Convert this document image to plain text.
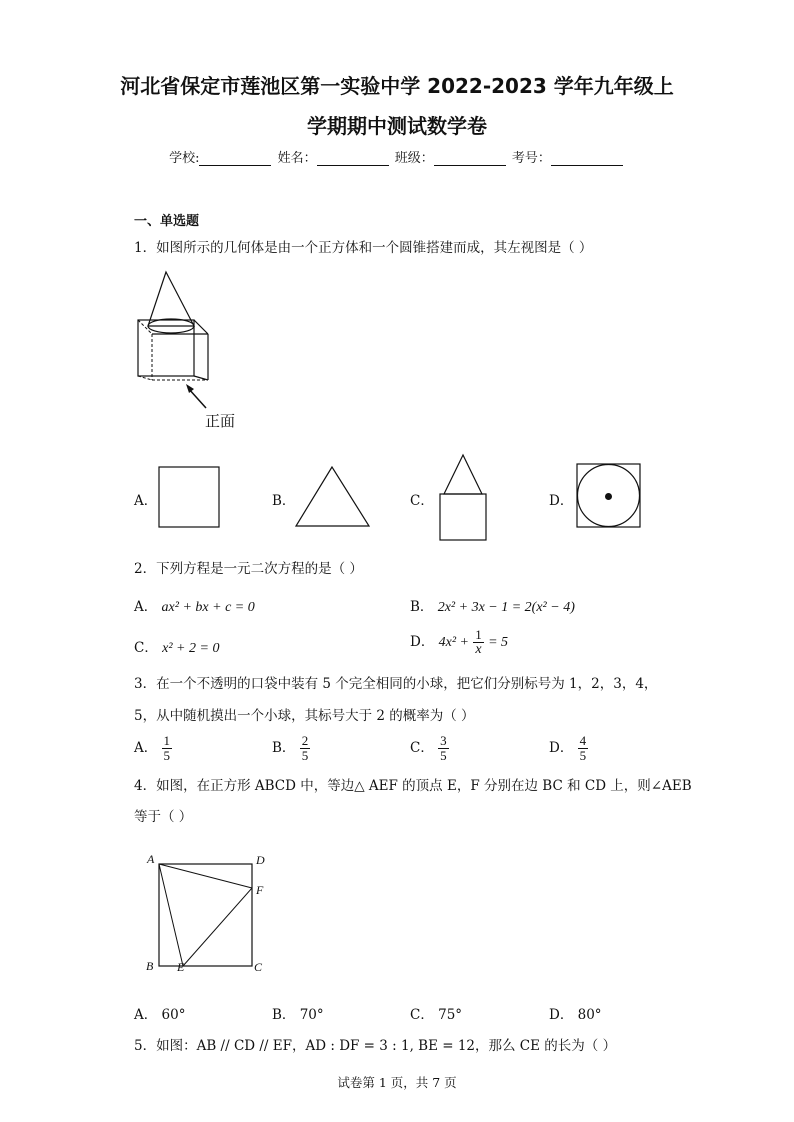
河北省保定市莲池区第一实验中学 2022-2023 学年九年级上
学期期中测试数学卷
学校:	姓名：	班级：	考号：
一、单选题
1．如图所示的几何体是由一个正方体和一个圆锥搭建而成，其左视图是（ ）
正面
A．	B．	C．	D．
2．下列方程是一元二次方程的是（ ）
A． ax² + bx + c = 0	B． 2x² + 3x − 1 = 2(x² − 4)
C． x² + 2 = 0	D． $4x^2 + \frac{1}{x} = 5$
3．在一个不透明的口袋中装有 5 个完全相同的小球，把它们分别标号为 1，2，3，4，
5，从中随机摸出一个小球，其标号大于 2 的概率为（ ）
A． $\frac{1}{5}$	B． $\frac{2}{5}$	C． $\frac{3}{5}$	D． $\frac{4}{5}$
4．如图，在正方形 ABCD 中，等边△ AEF 的顶点 E，F 分别在边 BC 和 CD 上，则∠AEB
等于（ ）
A	D
F
B E	C
A． 60°	B． 70°	C． 75°	D． 80°
5．如图：AB // CD // EF，AD : DF = 3 : 1, BE = 12，那么 CE 的长为（ ）
试卷第 1 页，共 7 页
